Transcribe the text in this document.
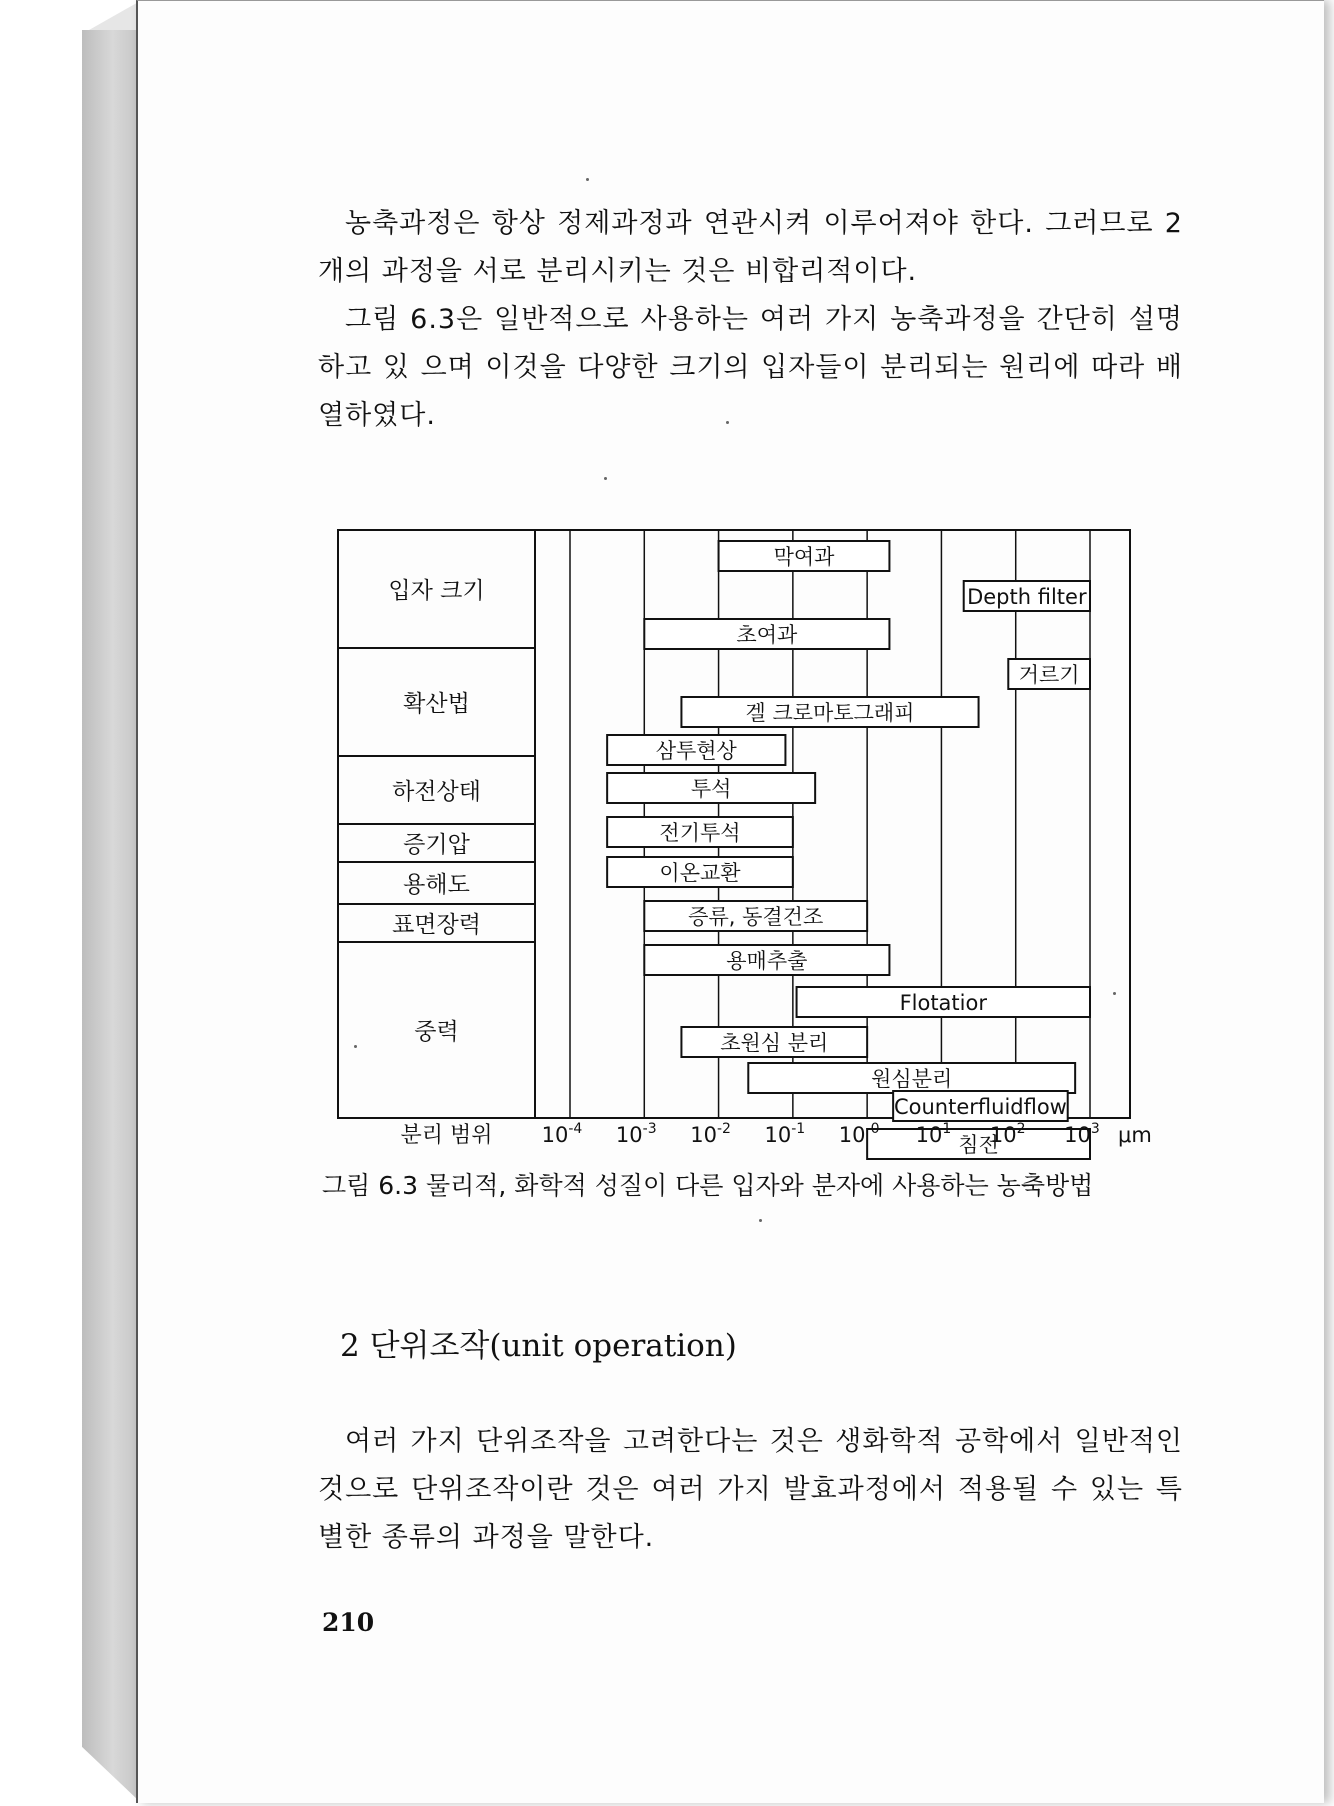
농축과정은 항상 정제과정과 연관시켜 이루어져야 한다. 그러므로 2개의 과정을 서로 분리시키는 것은 비합리적이다.
그림 6.3은 일반적으로 사용하는 여러 가지 농축과정을 간단히 설명하고 있 으며 이것을 다양한 크기의 입자들이 분리되는 원리에 따라 배열하였다.
입자 크기
확산법
하전상태
증기압
용해도
표면장력
중력
막여과
Depth filter
초여과
거르기
겔 크로마토그래피
삼투현상
투석
전기투석
이온교환
증류, 동결건조
용매추출
Flotatior
초원심 분리
원심분리
Counterfluidflow
침전
분리 범위 $10^{-4}$ $10^{-3}$ $10^{-2}$ $10^{-1}$ $10^{-0}$ $10^1$ $10^2$ $10^3$ μm
그림 6.3 물리적, 화학적 성질이 다른 입자와 분자에 사용하는 농축방법
2 단위조작(unit operation)
여러 가지 단위조작을 고려한다는 것은 생화학적 공학에서 일반적인 것으로 단위조작이란 것은 여러 가지 발효과정에서 적용될 수 있는 특별한 종류의 과정을 말한다.
210
